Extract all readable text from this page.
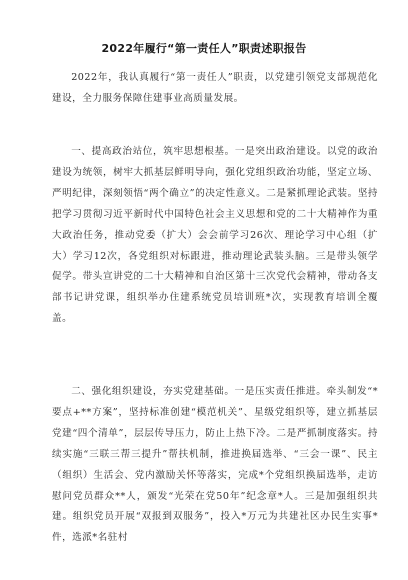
2022年履行“第一责任人”职责述职报告

2022年，我认真履行“第一责任人”职责，以党建引领党支部规范化建设，全力服务保障住建事业高质量发展。

一、提高政治站位，筑牢思想根基。一是突出政治建设。以党的政治建设为统领，树牢大抓基层鲜明导向，强化党组织政治功能，坚定立场、严明纪律，深刻领悟“两个确立”的决定性意义。二是紧抓理论武装。坚持把学习贯彻习近平新时代中国特色社会主义思想和党的二十大精神作为重大政治任务，推动党委（扩大）会会前学习26次、理论学习中心组（扩大）学习12次，各党组织对标跟进，推动理论武装头脑。三是带头领学促学。带头宣讲党的二十大精神和自治区第十三次党代会精神，带动各支部书记讲党课，组织举办住建系统党员培训班*次，实现教育培训全覆盖。

二、强化组织建设，夯实党建基础。一是压实责任推进。牵头制发“*要点+**方案”，坚持标准创建“模范机关”、星级党组织等，建立抓基层党建“四个清单”，层层传导压力，防止上热下冷。二是严抓制度落实。持续实施“三联三帮三提升”帮扶机制，推进换届选举、“三会一课”、民主（组织）生活会、党内激励关怀等落实，完成*个党组织换届选举，走访慰问党员群众**人，颁发“光荣在党50年”纪念章*人。三是加强组织共建。组织党员开展“双报到双服务”，投入*万元为共建社区办民生实事*件，选派*名驻村
